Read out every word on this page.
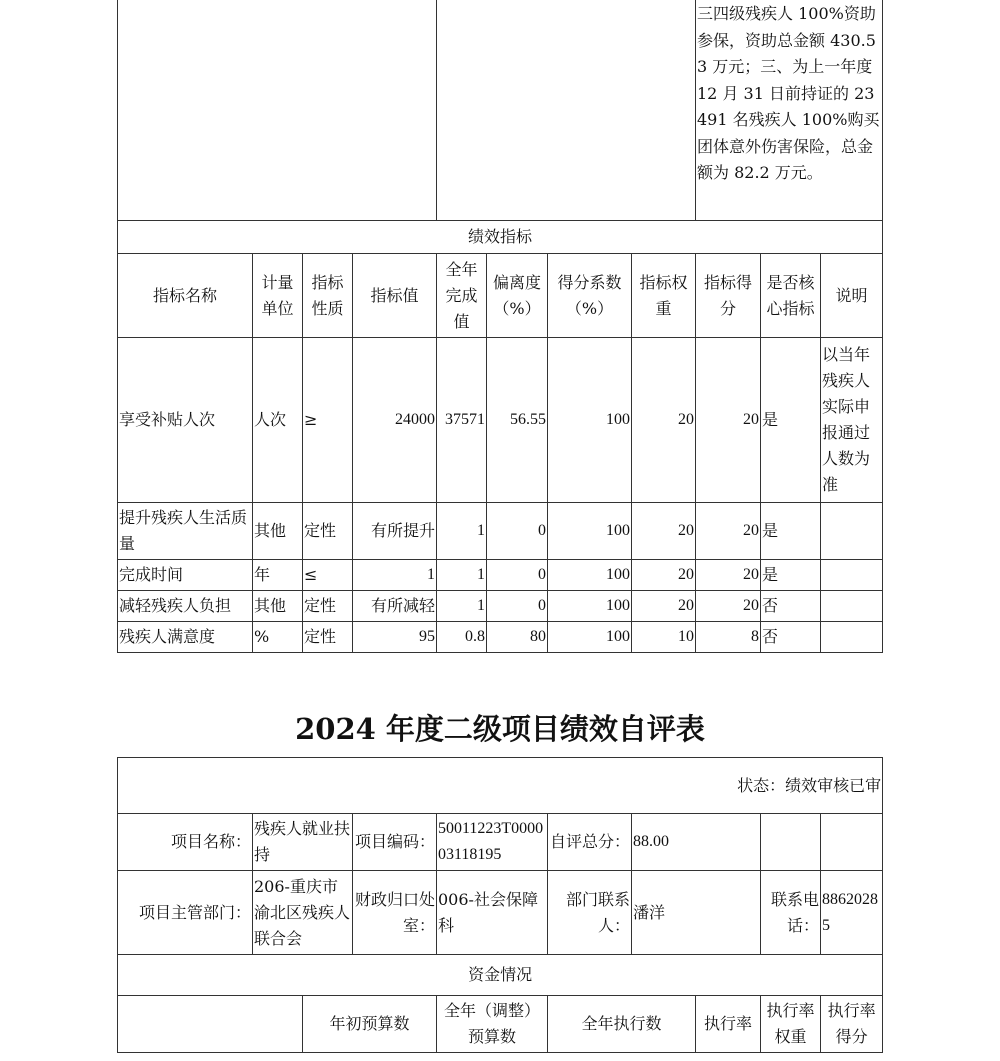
								三四级残疾人 100%资助参保，资助总金额 430.53 万元；三、为上一年度 12 月 31 日前持证的 23491 名残疾人 100%购买团体意外伤害保险，总金额为 82.2 万元。		
绩效指标										
指标名称	计量单位	指标性质	指标值	全年完成值	偏离度（%）	得分系数（%）	指标权重	指标得分	是否核心指标	说明
享受补贴人次	人次	≥	24000	37571	56.55	100	20	20	是	以当年残疾人实际申报通过人数为准
提升残疾人生活质量	其他	定性	有所提升	1	0	100	20	20	是	
完成时间	年	≤	1	1	0	100	20	20	是	
减轻残疾人负担	其他	定性	有所减轻	1	0	100	20	20	否	
残疾人满意度	%	定性	95	0.8	80	100	10	8	否	
2024 年度二级项目绩效自评表
状态：绩效审核已审									
项目名称：	残疾人就业扶持		项目编码：	50011223T000003118195	自评总分：	88.00			
项目主管部门：	206-重庆市渝北区残疾人联合会		财政归口处室：	006-社会保障科	部门联系人：	潘洋		联系电话：	88620285
资金情况									
		年初预算数		全年（调整）预算数	全年执行数		执行率	执行率权重	执行率得分
